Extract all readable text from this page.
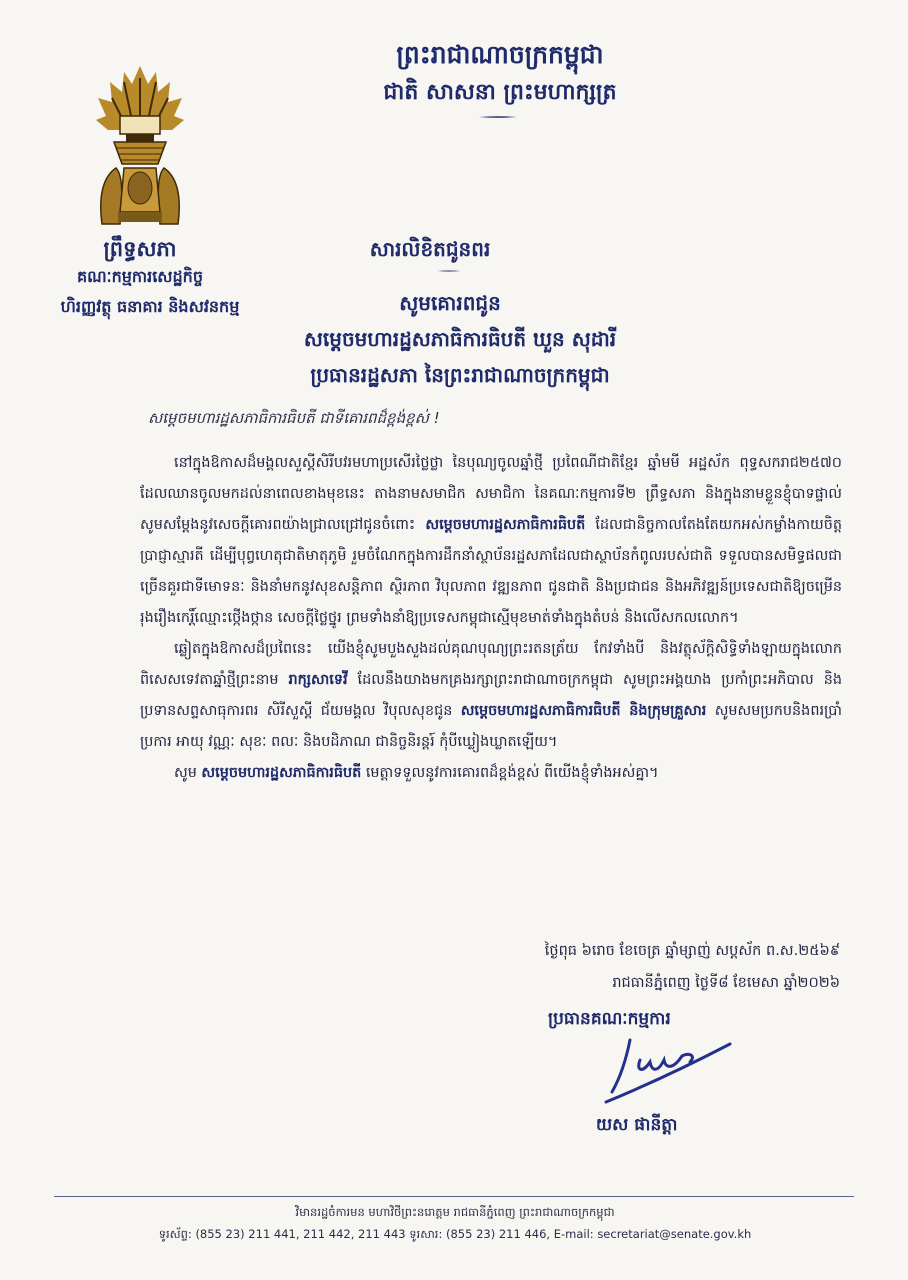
ព្រះរាជាណាចក្រកម្ពុជា
ជាតិ សាសនា ព្រះមហាក្សត្រ
ព្រឹទ្ធសភា
គណៈកម្មការសេដ្ឋកិច្ច
ហិរញ្ញវត្ថុ ធនាគារ និងសវនកម្ម
សារលិខិតជូនពរ
សូមគោរពជូន
សម្តេចមហារដ្ឋសភាធិការធិបតី ឃួន សុដារី
ប្រធានរដ្ឋសភា នៃព្រះរាជាណាចក្រកម្ពុជា
សម្តេចមហារដ្ឋសភាធិការធិបតី ជាទីគោរពដ៏ខ្ពង់ខ្ពស់ !

នៅក្នុងឱកាសដ៏មង្គលសួស្តីសិរីបវរមហាប្រសើរថ្លៃថ្លា នៃបុណ្យចូលឆ្នាំថ្មី ប្រពៃណីជាតិខ្មែរ ឆ្នាំមមី អដ្ឋស័ក ពុទ្ធសករាជ២៥៧០ ដែលឈានចូលមកដល់នាពេលខាងមុខនេះ តាងនាមសមាជិក សមាជិកា នៃគណៈកម្មការទី២ ព្រឹទ្ធសភា និងក្នុងនាមខ្លួនខ្ញុំបាទផ្ទាល់ សូមសម្តែងនូវសេចក្តីគោរពយ៉ាងជ្រាលជ្រៅជូនចំពោះ សម្តេចមហារដ្ឋសភាធិការធិបតី ដែលជានិច្ចកាលតែងតែយកអស់កម្លាំងកាយចិត្ត ប្រាជ្ញាស្មារតី ដើម្បីបុព្វហេតុជាតិមាតុភូមិ រួមចំណែកក្នុងការដឹកនាំស្ថាប័នរដ្ឋសភាដែលជាស្ថាប័នកំពូលរបស់ជាតិ ទទួលបានសមិទ្ធផលជាច្រើនគួរជាទីមោទនៈ និងនាំមកនូវសុខសន្តិភាព ស្ថិរភាព វិបុលភាព វឌ្ឍនភាព ជូនជាតិ និងប្រជាជន និងអភិវឌ្ឍន៍ប្រទេសជាតិឱ្យចម្រើនរុងរឿងកេរ្តិ៍ឈ្មោះថ្កើងថ្កាន សេចក្តីថ្លៃថ្នូរ ព្រមទាំងនាំឱ្យប្រទេសកម្ពុជាស្មើមុខមាត់ទាំងក្នុងតំបន់ និងលើសកលលោក។

ឆ្លៀតក្នុងឱកាសដ៏ប្រពៃនេះ យើងខ្ញុំសូមបួងសួងដល់គុណបុណ្យព្រះរតនត្រ័យ កែវទាំងបី និងវត្ថុស័ក្តិសិទ្ធិទាំងឡាយក្នុងលោក ពិសេសទេវតាឆ្នាំថ្មីព្រះនាម រាក្សសាទេវី ដែលនឹងយាងមកគ្រងរក្សាព្រះរាជាណាចក្រកម្ពុជា សូមព្រះអង្គយាង ប្រកាំព្រះអភិបាល និងប្រទានសព្ទសាធុការពរ សិរីសួស្តី ជ័យមង្គល វិបុលសុខជូន សម្តេចមហារដ្ឋសភាធិការធិបតី និងក្រុមគ្រួសារ សូមសមប្រកបនិងពរប្រាំប្រការ អាយុ វណ្ណៈ សុខៈ ពលៈ និងបដិភាណ ជានិច្ចនិរន្តរ៍ កុំបីឃ្លៀងឃ្លាតឡើយ។

សូម សម្តេចមហារដ្ឋសភាធិការធិបតី មេត្តាទទួលនូវការគោរពដ៏ខ្ពង់ខ្ពស់ ពីយើងខ្ញុំទាំងអស់គ្នា។

ថ្ងៃពុធ ៦រោច ខែចេត្រ ឆ្នាំម្សាញ់ សប្តស័ក ព.ស.២៥៦៩
រាជធានីភ្នំពេញ ថ្ងៃទី៨ ខែមេសា ឆ្នាំ២០២៦
ប្រធានគណៈកម្មការ
យស ផានីត្តា
វិមានរដ្ឋចំការមន មហាវិថីព្រះនរោត្តម រាជធានីភ្នំពេញ ព្រះរាជាណាចក្រកម្ពុជា
ទូរស័ព្ទ: (855 23) 211 441, 211 442, 211 443 ទូរសារ: (855 23) 211 446, E-mail: secretariat@senate.gov.kh
